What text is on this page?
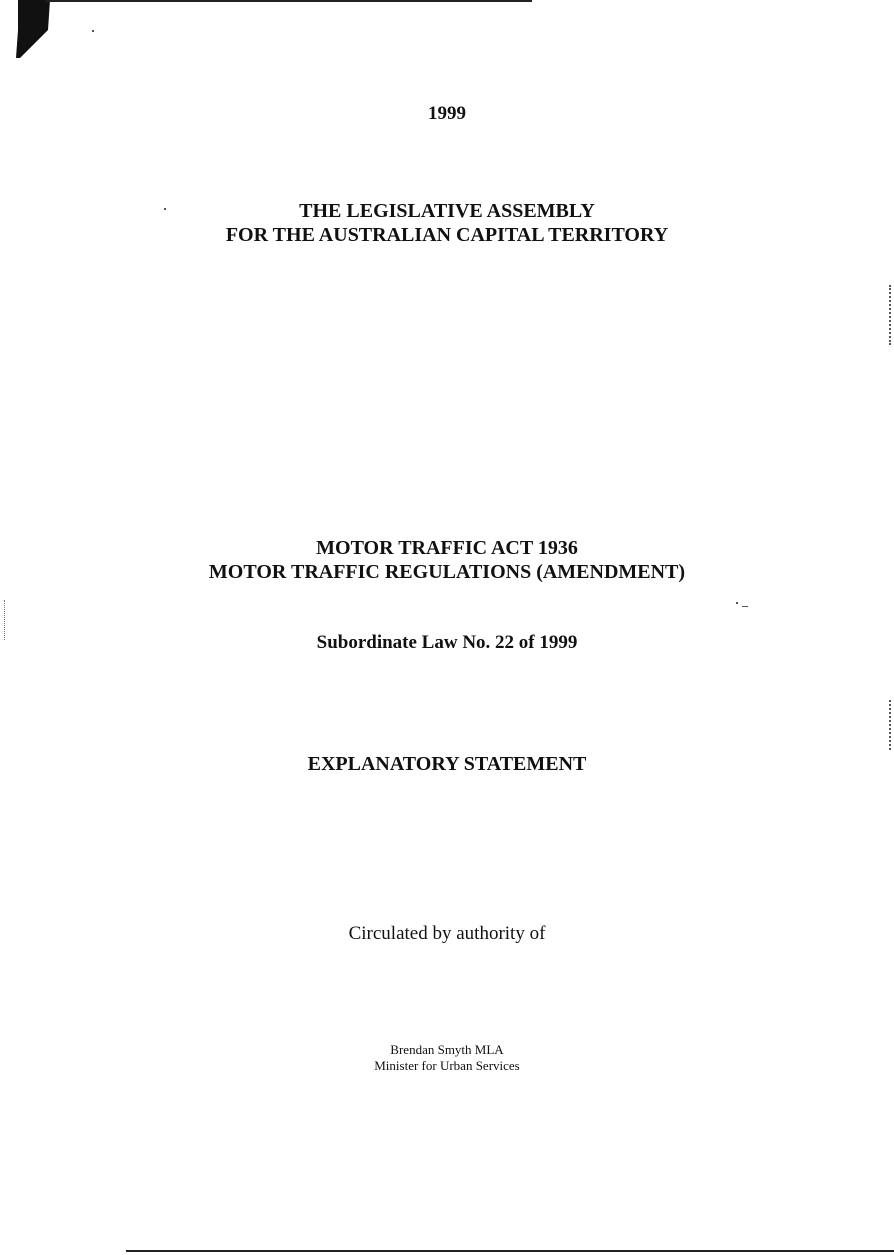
1999
THE LEGISLATIVE ASSEMBLY
FOR THE AUSTRALIAN CAPITAL TERRITORY
MOTOR TRAFFIC ACT 1936
MOTOR TRAFFIC REGULATIONS (AMENDMENT)
Subordinate Law No. 22 of 1999
EXPLANATORY STATEMENT
Circulated by authority of
Brendan Smyth MLA
Minister for Urban Services
